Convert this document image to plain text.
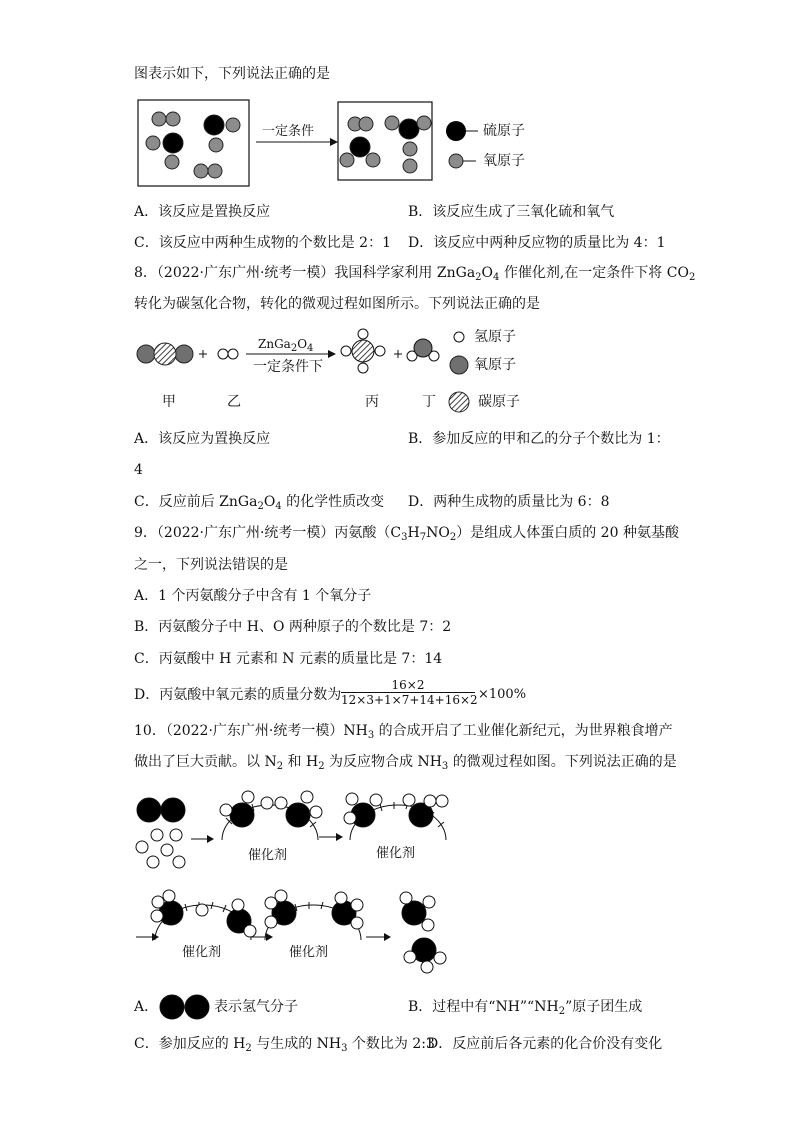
图表示如下，下列说法正确的是
一定条件	硫原子
氧原子
A．该反应是置换反应	B．该反应生成了三氧化硫和氧气
C．该反应中两种生成物的个数比是 2：1 D．该反应中两种反应物的质量比为 4：1
8．（2022·广东广州·统考一模）我国科学家利用 $ZnGa_2O_4$ 作催化剂,在一定条件下将 $CO_2$
转化为碳氢化合物，转化的微观过程如图所示。下列说法正确的是
$ZnGa_2O_4$
一定条件下
氢原子
氧原子
碳原子
甲	乙	丙	丁
A．该反应为置换反应	B．参加反应的甲和乙的分子个数比为 1：
4
C．反应前后 $ZnGa_2O_4$ 的化学性质改变 D．两种生成物的质量比为 6：8
9．（2022·广东广州·统考一模）丙氨酸$(C_3H_7NO_2)$是组成人体蛋白质的 20 种氨基酸
之一，下列说法错误的是
A．1 个丙氨酸分子中含有 1 个氧分子
B．丙氨酸分子中 H、O 两种原子的个数比是 7：2
C．丙氨酸中 H 元素和 N 元素的质量比是 7：14
D．丙氨酸中氧元素的质量分数为
16×2
12×3+1×7+14+16×2 ×100%
10．（2022·广东广州·统考一模）$NH_3$ 的合成开启了工业催化新纪元，为世界粮食增产
做出了巨大贡献。以 $N_2$ 和 $H_2$ 为反应物合成 $NH_3$ 的微观过程如图。下列说法正确的是
催化剂	催化剂
催化剂	催化剂
A．	表示氢气分子	B．过程中有“$NH”“NH_2$”原子团生成
C．参加反应的 $H_2$ 与生成的 $NH_3$ 个数比为 2:3
D．反应前后各元素的化合价没有变化
